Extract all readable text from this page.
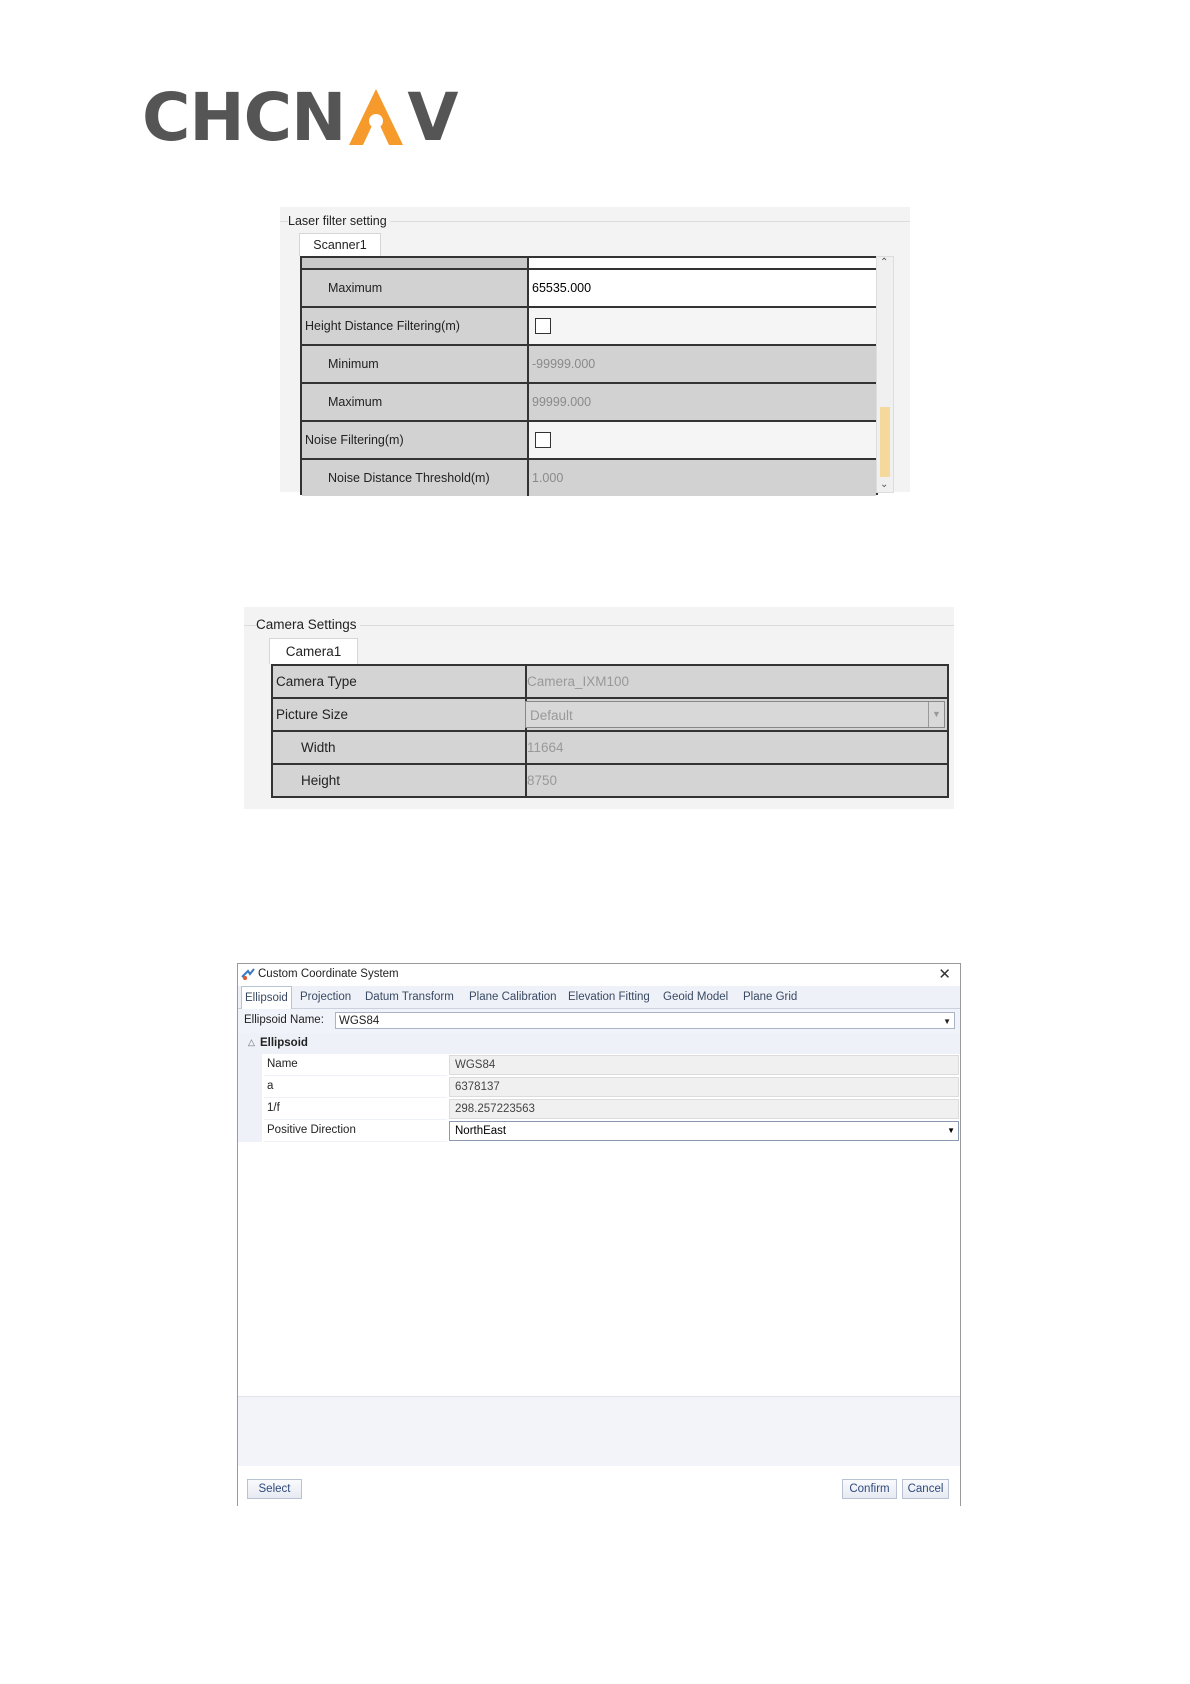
CHCN V
Laser filter setting
Scanner1
Maximum	65535.000
Height Distance Filtering(m)
Minimum	-99999.000
Maximum	99999.000
Noise Filtering(m)
Noise Distance Threshold(m)	1.000
⌃
⌄
Camera Settings
Camera1
Camera Type	Camera_IXM100
Picture Size	Default	▼
Width	11664
Height	8750
Custom Coordinate System	✕
Ellipsoid	Projection Datum Transform Plane Calibration Elevation Fitting Geoid Model Plane Grid
Ellipsoid Name:	WGS84	▼
△ Ellipsoid
Name	WGS84
a	6378137
1/f	298.257223563
Positive Direction	NorthEast	▼
Select	Confirm	Cancel
